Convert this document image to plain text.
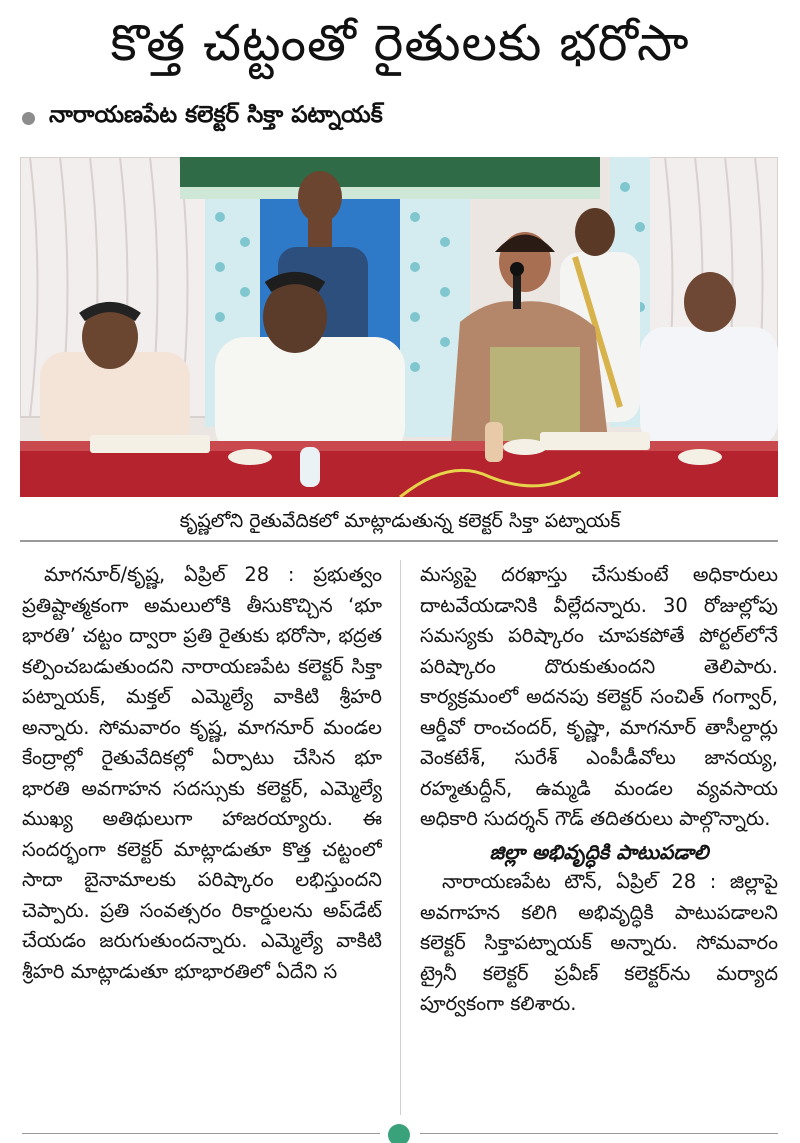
కొత్త చట్టంతో రైతులకు భరోసా
నారాయణపేట కలెక్టర్ సిక్తా పట్నాయక్
కృష్ణలోని రైతువేదికలో మాట్లాడుతున్న కలెక్టర్ సిక్తా పట్నాయక్

మాగనూర్/కృష్ణ, ఏప్రిల్ 28 : ప్రభుత్వం ప్రతిష్టాత్మకంగా అమలులోకి తీసుకొచ్చిన ‘భూ భారతి’ చట్టం ద్వారా ప్రతి రైతుకు భరోసా, భద్రత కల్పించబడుతుందని నారాయణపేట కలెక్టర్ సిక్తా పట్నాయక్, మక్తల్ ఎమ్మెల్యే వాకిటి శ్రీహరి అన్నారు. సోమవారం కృష్ణ, మాగనూర్ మండల కేంద్రాల్లో రైతువేదికల్లో ఏర్పాటు చేసిన భూ భారతి అవగాహన సదస్సుకు కలెక్టర్, ఎమ్మెల్యే ముఖ్య అతిథులుగా హాజరయ్యారు. ఈ సందర్భంగా కలెక్టర్ మాట్లాడుతూ కొత్త చట్టంలో సాదా బైనామాలకు పరిష్కారం లభిస్తుందని చెప్పారు. ప్రతి సంవత్సరం రికార్డులను అప్‌డేట్ చేయడం జరుగుతుందన్నారు. ఎమ్మెల్యే వాకిటి శ్రీహరి మాట్లాడుతూ భూభారతిలో ఏదేని స

మస్యపై దరఖాస్తు చేసుకుంటే అధికారులు దాటవేయడానికి వీల్లేదన్నారు. 30 రోజుల్లోపు సమస్యకు పరిష్కారం చూపకపోతే పోర్టల్‌లోనే పరిష్కారం దొరుకుతుందని తెలిపారు. కార్యక్రమంలో అదనపు కలెక్టర్ సంచిత్ గంగ్వార్, ఆర్డీవో రాంచందర్, కృష్ణా, మాగనూర్ తాసీల్దార్లు వెంకటేశ్, సురేశ్ ఎంపీడీవోలు జానయ్య, రహ్మతుద్దీన్, ఉమ్మడి మండల వ్యవసాయ అధికారి సుదర్శన్ గౌడ్ తదితరులు పాల్గొన్నారు.

జిల్లా అభివృద్ధికి పాటుపడాలి

నారాయణపేట టౌన్, ఏప్రిల్ 28 : జిల్లాపై అవగాహన కలిగి అభివృద్ధికి పాటుపడాలని కలెక్టర్ సిక్తాపట్నాయక్ అన్నారు. సోమవారం ట్రైనీ కలెక్టర్ ప్రవీణ్ కలెక్టర్‌ను మర్యాద పూర్వకంగా కలిశారు.
